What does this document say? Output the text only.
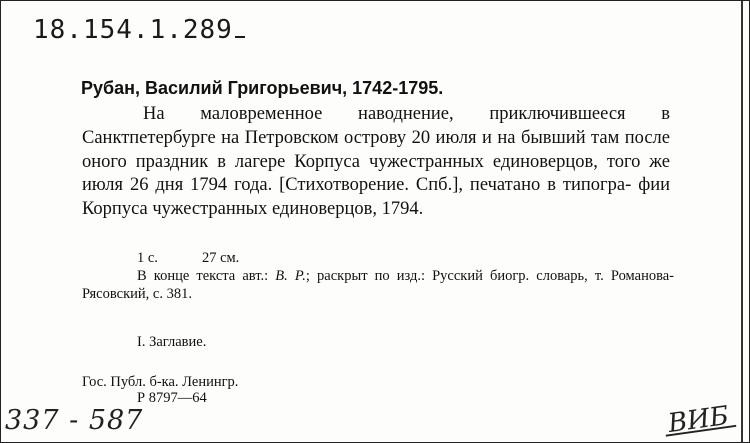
18.154.1.289
Рубан, Василий Григорьевич, 1742-1795.
На маловременное наводнение, приключившееся в Санктпетербурге на Петровском острову 20 июля и на бывший там после оного праздник в лагере Корпуса чужестранных единоверцов, того же июля 26 дня 1794 года. [Стихотворение. Спб.], печатано в типогра- фии Корпуса чужестранных единоверцов, 1794.
1 с.	27 см.
В конце текста авт.: В. Р.; раскрыт по изд.: Русский биогр. словарь, т. Романова-Рясовский, с. 381.
I. Заглавие.
Гос. Публ. б-ка. Ленингр.
Р 8797—64
337 - 587	ВИБ
